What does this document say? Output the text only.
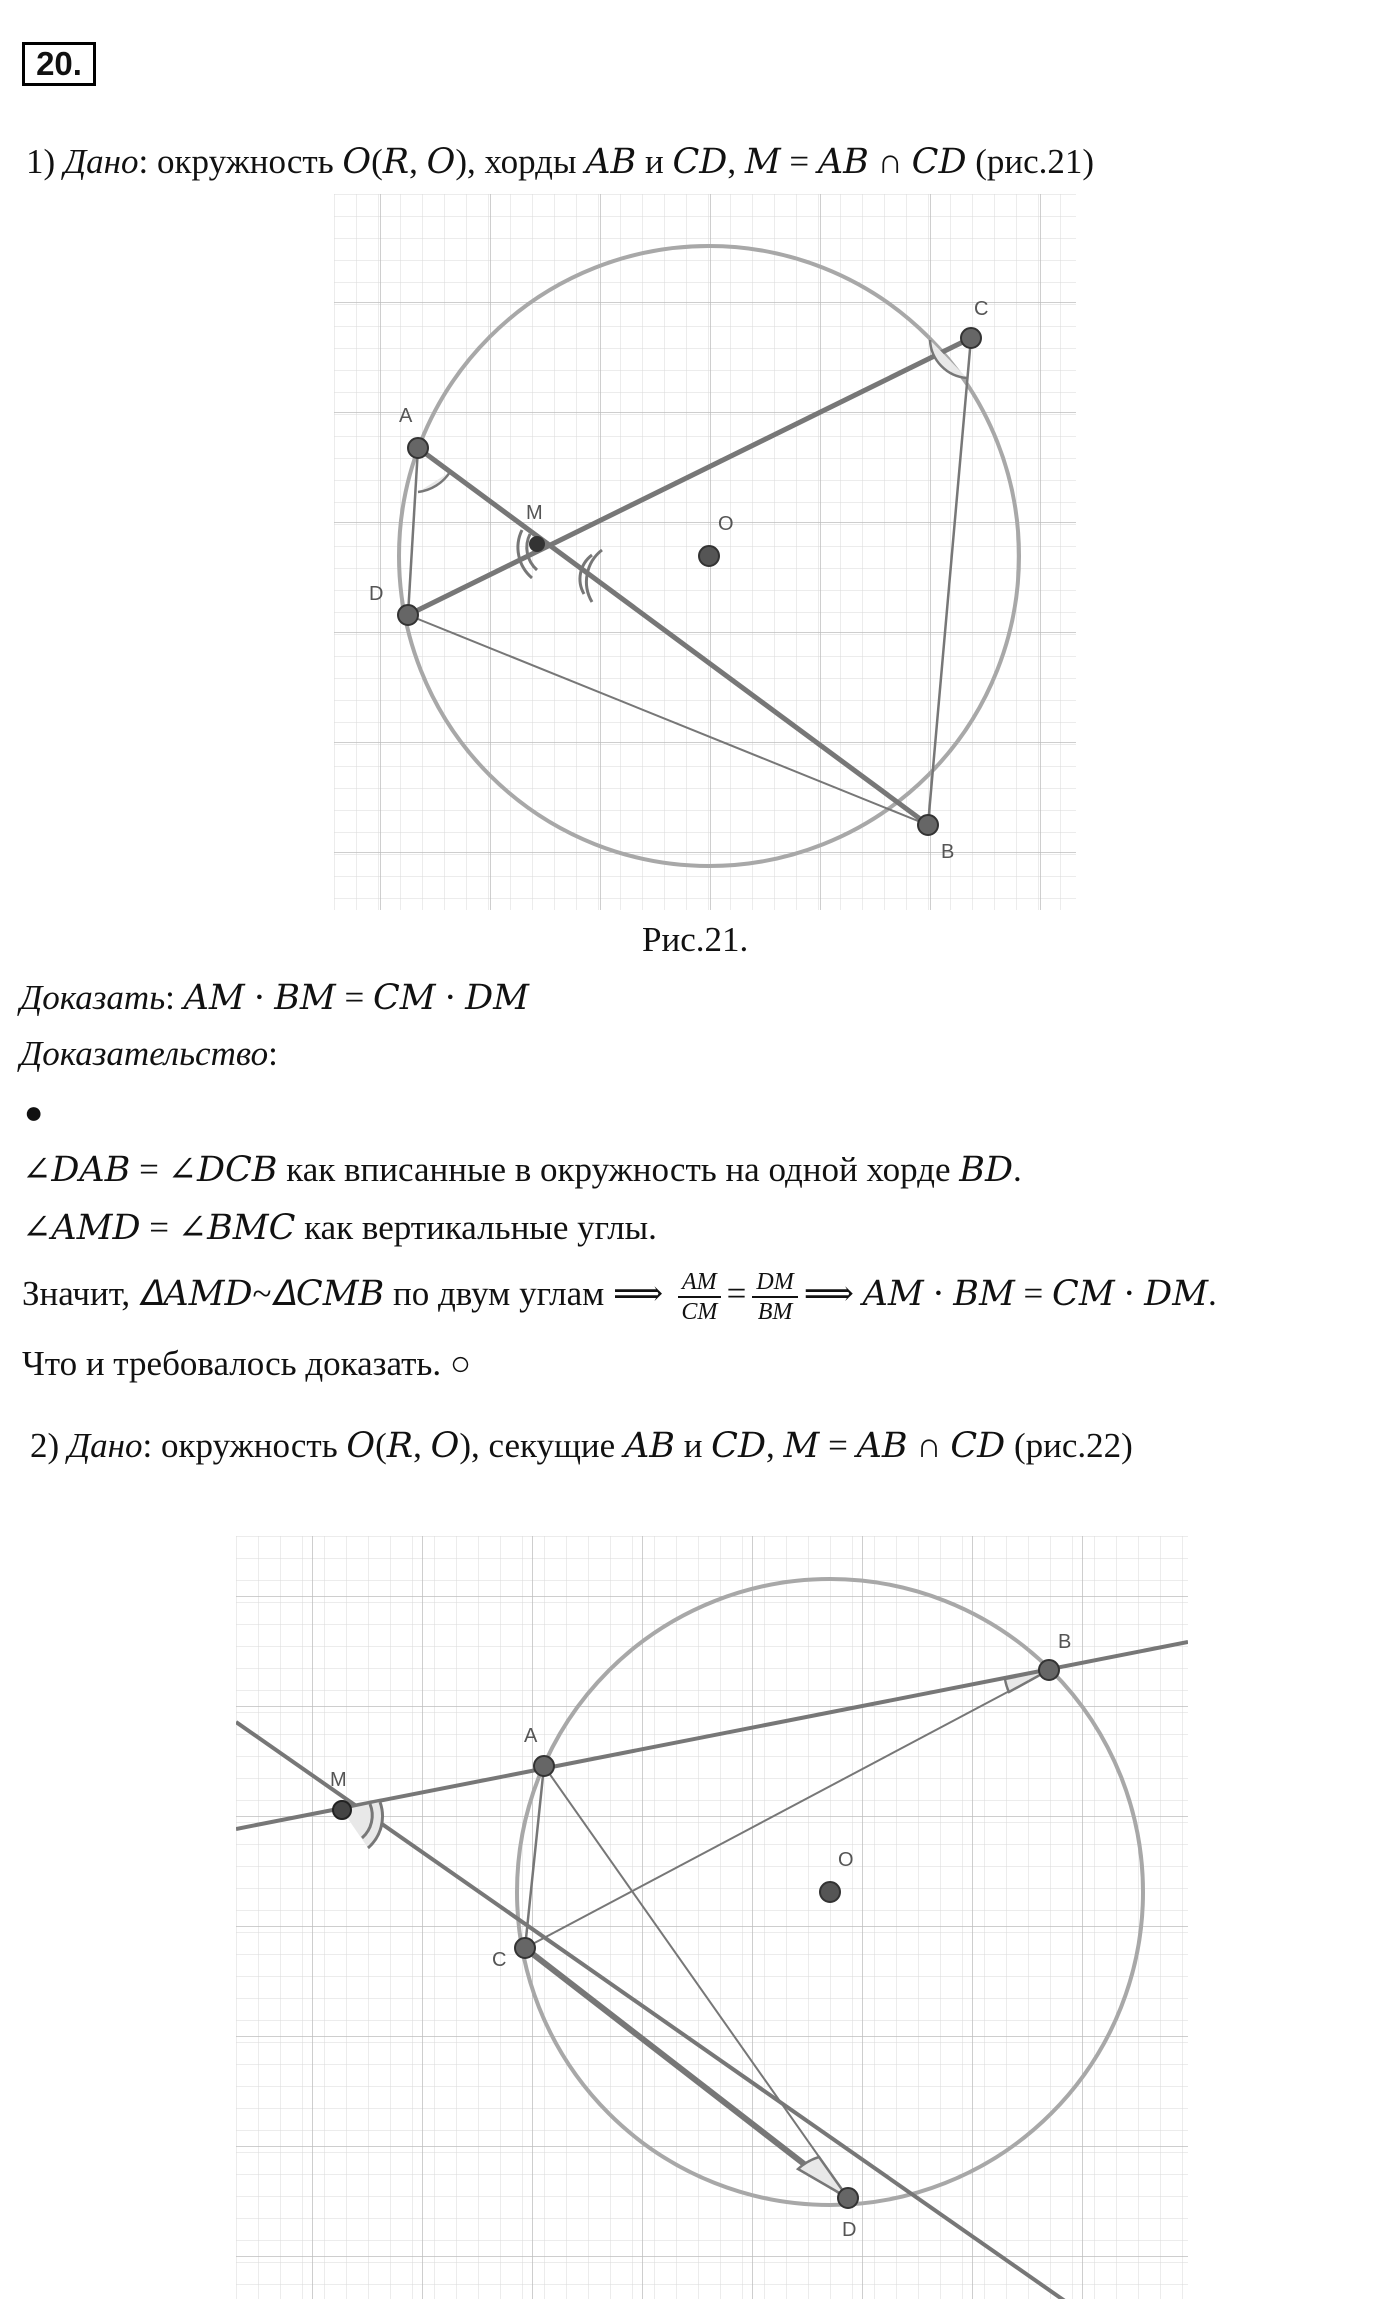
20.
1) Дано: окружность 𝑂(𝑅, 𝑂), хорды 𝐴𝐵 и 𝐶𝐷, 𝑀 = 𝐴𝐵 ∩ 𝐶𝐷 (рис.21)
A
C
D
B
M	O
Рис.21.
Доказать: 𝐴𝑀 ⋅ 𝐵𝑀 = 𝐶𝑀 ⋅ 𝐷𝑀
Доказательство:
●
∠𝐷𝐴𝐵 = ∠𝐷𝐶𝐵 как вписанные в окружность на одной хорде 𝐵𝐷.
∠𝐴𝑀𝐷 = ∠𝐵𝑀𝐶 как вертикальные углы.
Значит, 𝛥𝐴𝑀𝐷~𝛥𝐶𝑀𝐵 по двум углам ⟹ $\frac{AM}{CM} = \frac{DM}{BM}$ ⟹ 𝐴𝑀 ⋅ 𝐵𝑀 = 𝐶𝑀 ⋅ 𝐷𝑀.
Что и требовалось доказать. ○
2) Дано: окружность 𝑂(𝑅, 𝑂), секущие 𝐴𝐵 и 𝐶𝐷, 𝑀 = 𝐴𝐵 ∩ 𝐶𝐷 (рис.22)
M
A
B
C
D
O
